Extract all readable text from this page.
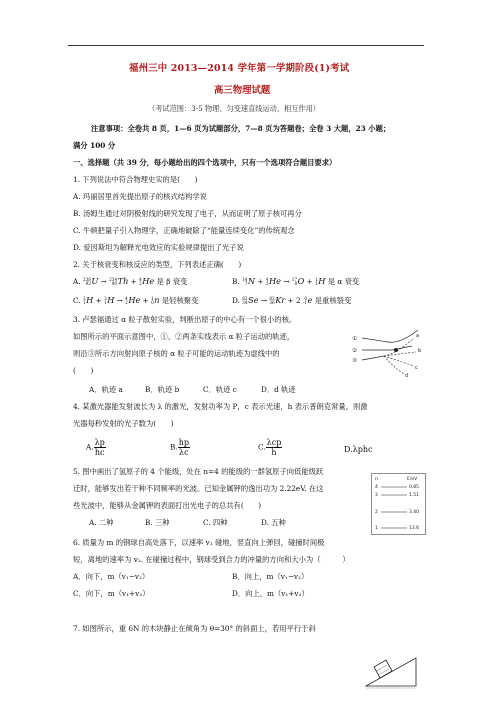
福州三中 2013—2014 学年第一学期阶段(1)考试
高三物理试题
（考试范围：3-5 物理、匀变速直线运动、相互作用）
注意事项：全卷共 8 页，1—6 页为试题部分，7—8 页为答题卷；全卷 3 大题，23 小题；
满分 100 分
一、选择题（共 39 分，每小题给出的四个选项中，只有一个选项符合题目要求）
1. 下列说法中符合物理史实的是(　　)
A. 玛丽居里首先提出原子的核式结构学说
B. 汤姆生通过对阴极射线的研究发现了电子，从而证明了原子核可再分
C. 牛顿把量子引入物理学，正确地破除了“能量连续变化”的传统观念
D. 爱因斯坦为解释光电效应的实验规律提出了光子说
2. 关于核衰变和核反应的类型，下列表述正确(　　)
A. 238
92U → 234
90Th + 4
2He 是 β 衰变	B. 14
7N + 4
2He → 17
8O + 1
1H 是 α 衰变
C. 2
1H + 3
1H → 4
2He + 1
0n 是轻核聚变	D. 82
34Se → 82
36Kr + 2 0
-1e 是重核裂变
3. 卢瑟福通过 α 粒子散射实验，判断出原子的中心有一个很小的核。
如图所示的平面示意图中，①、②两条实线表示 α 粒子运动的轨迹，
则沿③所示方向射向原子核的 α 粒子可能的运动轨迹为虚线中的
(　　)
A．轨迹 a	B．轨迹 b	C．轨迹 c	D．d 轨迹
①
②
③
a
b
c
d
4. 某激光器能发射波长为 λ 的激光，发射功率为 P，c 表示光速，h 表示普朗克常量，则激
光器每秒发射的光子数为(　　)
A. $\frac{\lambda p}{hc}$	B. $\frac{hp}{\lambda c}$	C. $\frac{\text{λcp}}{h}$	D.λphc
5. 图中画出了氢原子的 4 个能级，处在 n=4 的能级的一群氢原子向低能级跃
迁时，能够发出若干种不同频率的光波。已知金属钾的逸出功为 2.22eV. 在这
些光波中，能够从金属钾的表面打出光电子的总共有(　　)
A. 二种	B. 三种	C. 四种	D. 五种
n	E/eV
4	0.85
3	1.51
2	3.40
1	13.6
6. 质量为 m 的钢球自高处落下，以速率 v₁ 碰地，竖直向上弹回，碰撞时间极
短，离地的速率为 v₂. 在碰撞过程中，钢球受到合力的冲量的方向和大小为（　　　）
A．向下，m（v₁−v₂）	B．向上，m（v₁−v₂）
C．向下，m（v₁+v₂）	D．向上，m（v₁+v₂）
7. 如图所示，重 6N 的木块静止在倾角为 θ=30° 的斜面上，若用平行于斜
